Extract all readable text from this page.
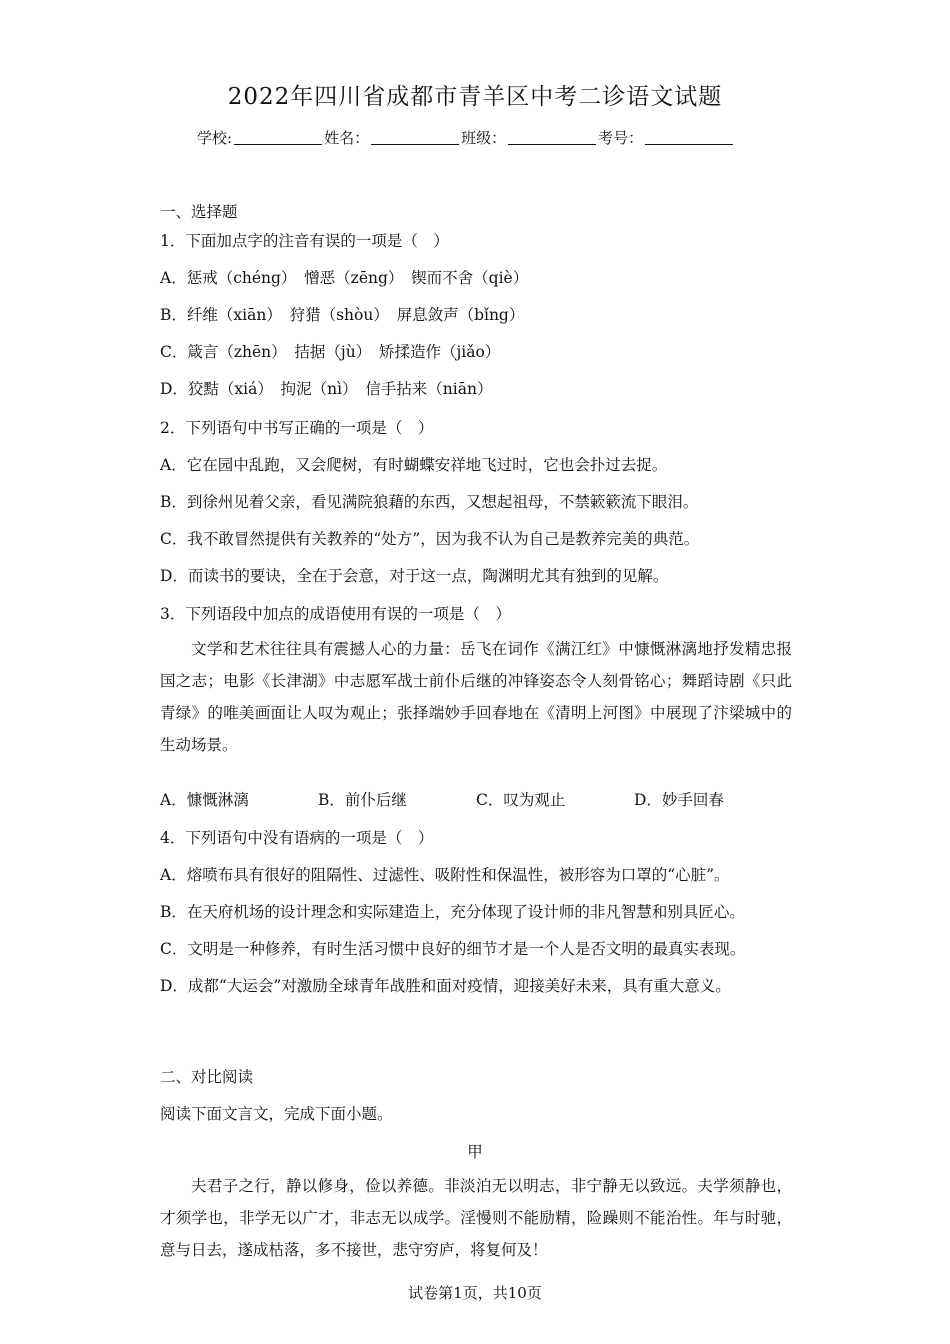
2022年四川省成都市青羊区中考二诊语文试题
学校:	姓名：	班级：	考号：
一、选择题
1．下面加点字的注音有误的一项是（　）
A．惩戒（chéng）　憎恶（zēng）　锲而不舍（qiè）
B．纤维（xiān）　狩猎（shòu）　屏息敛声（bǐng）
C．箴言（zhēn）　拮据（jù）　矫揉造作（jiǎo）
D．狡黠（xiá）　拘泥（nì）　信手拈来（niān）
2．下列语句中书写正确的一项是（　）
A．它在园中乱跑，又会爬树，有时蝴蝶安祥地飞过时，它也会扑过去捉。
B．到徐州见着父亲，看见满院狼藉的东西，又想起祖母，不禁簌簌流下眼泪。
C．我不敢冒然提供有关教养的“处方”，因为我不认为自己是教养完美的典范。
D．而读书的要诀，全在于会意，对于这一点，陶渊明尤其有独到的见解。
3．下列语段中加点的成语使用有误的一项是（　）
文学和艺术往往具有震撼人心的力量：岳飞在词作《满江红》中慷慨淋漓地抒发精忠报国之志；电影《长津湖》中志愿军战士前仆后继的冲锋姿态令人刻骨铭心；舞蹈诗剧《只此青绿》的唯美画面让人叹为观止；张择端妙手回春地在《清明上河图》中展现了汴梁城中的生动场景。
A．慷慨淋漓	B．前仆后继	C．叹为观止	D．妙手回春
4．下列语句中没有语病的一项是（　）
A．熔喷布具有很好的阻隔性、过滤性、吸附性和保温性，被形容为口罩的“心脏”。
B．在天府机场的设计理念和实际建造上，充分体现了设计师的非凡智慧和别具匠心。
C．文明是一种修养，有时生活习惯中良好的细节才是一个人是否文明的最真实表现。
D．成都“大运会”对激励全球青年战胜和面对疫情，迎接美好未来，具有重大意义。
二、对比阅读
阅读下面文言文，完成下面小题。
甲
夫君子之行，静以修身，俭以养德。非淡泊无以明志，非宁静无以致远。夫学须静也，才须学也，非学无以广才，非志无以成学。淫慢则不能励精，险躁则不能治性。年与时驰，意与日去，遂成枯落，多不接世，悲守穷庐，将复何及！
试卷第1页，共10页
